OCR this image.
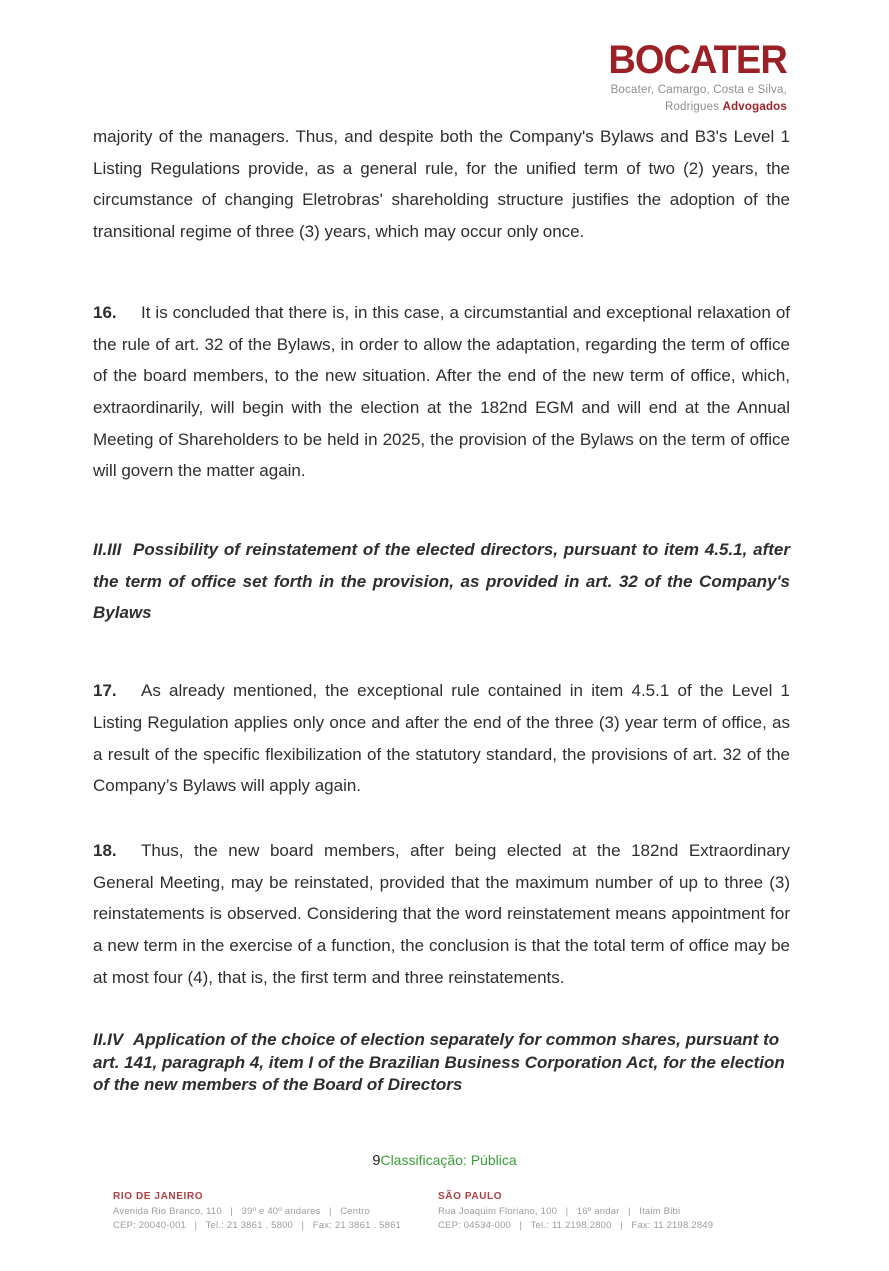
BOCATER
Bocater, Camargo, Costa e Silva,
Rodrigues Advogados

majority of the managers. Thus, and despite both the Company's Bylaws and B3's Level 1 Listing Regulations provide, as a general rule, for the unified term of two (2) years, the circumstance of changing Eletrobras' shareholding structure justifies the adoption of the transitional regime of three (3) years, which may occur only once.

16. It is concluded that there is, in this case, a circumstantial and exceptional relaxation of the rule of art. 32 of the Bylaws, in order to allow the adaptation, regarding the term of office of the board members, to the new situation. After the end of the new term of office, which, extraordinarily, will begin with the election at the 182nd EGM and will end at the Annual Meeting of Shareholders to be held in 2025, the provision of the Bylaws on the term of office will govern the matter again.

II.III Possibility of reinstatement of the elected directors, pursuant to item 4.5.1, after the term of office set forth in the provision, as provided in art. 32 of the Company's Bylaws

17. As already mentioned, the exceptional rule contained in item 4.5.1 of the Level 1 Listing Regulation applies only once and after the end of the three (3) year term of office, as a result of the specific flexibilization of the statutory standard, the provisions of art. 32 of the Company’s Bylaws will apply again.

18. Thus, the new board members, after being elected at the 182nd Extraordinary General Meeting, may be reinstated, provided that the maximum number of up to three (3) reinstatements is observed. Considering that the word reinstatement means appointment for a new term in the exercise of a function, the conclusion is that the total term of office may be at most four (4), that is, the first term and three reinstatements.

II.IV Application of the choice of election separately for common shares, pursuant to art. 141, paragraph 4, item I of the Brazilian Business Corporation Act, for the election of the new members of the Board of Directors

9Classificação: Pública
RIO DE JANEIRO
Avenida Rio Branco, 110   |   39º e 40º andares   |   Centro
CEP: 20040-001   |   Tel.: 21 3861 . 5800   |   Fax: 21 3861 . 5861
SÃO PAULO
Rua Joaquim Floriano, 100   |   16º andar   |   Itaim Bibi
CEP: 04534-000   |   Tel.: 11 2198.2800   |   Fax: 11 2198.2849
